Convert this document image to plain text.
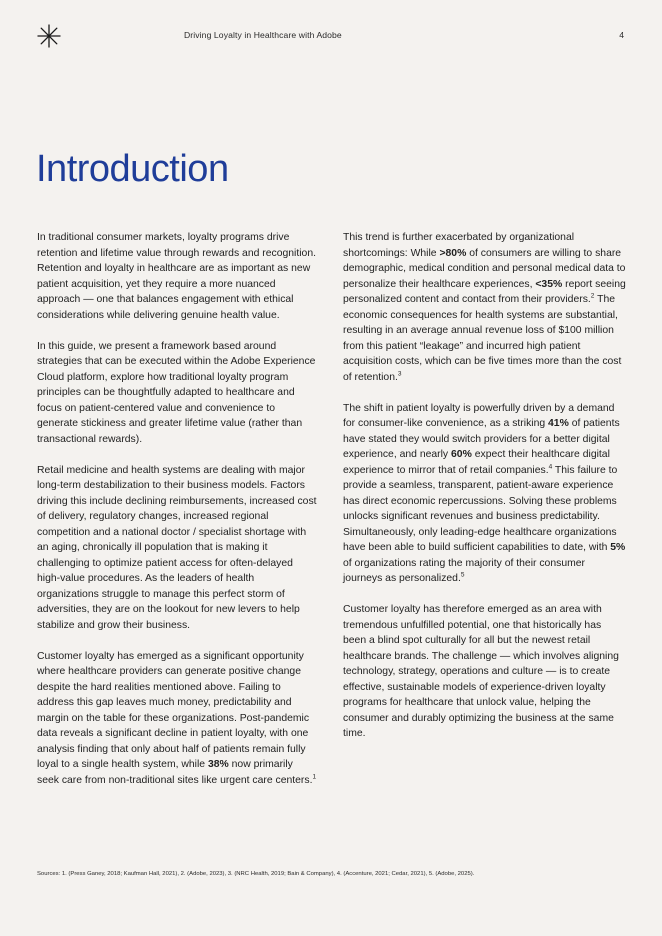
Driving Loyalty in Healthcare with Adobe	4
Introduction

In traditional consumer markets, loyalty programs drive retention and lifetime value through rewards and recognition. Retention and loyalty in healthcare are as important as new patient acquisition, yet they require a more nuanced approach — one that balances engagement with ethical considerations while delivering genuine health value.

In this guide, we present a framework based around strategies that can be executed within the Adobe Experience Cloud platform, explore how traditional loyalty program principles can be thoughtfully adapted to healthcare and focus on patient-centered value and convenience to generate stickiness and greater lifetime value (rather than transactional rewards).

Retail medicine and health systems are dealing with major long-term destabilization to their business models. Factors driving this include declining reimbursements, increased cost of delivery, regulatory changes, increased regional competition and a national doctor / specialist shortage with an aging, chronically ill population that is making it challenging to optimize patient access for often-delayed high-value procedures. As the leaders of health organizations struggle to manage this perfect storm of adversities, they are on the lookout for new levers to help stabilize and grow their business.

Customer loyalty has emerged as a significant opportunity where healthcare providers can generate positive change despite the hard realities mentioned above. Failing to address this gap leaves much money, predictability and margin on the table for these organizations. Post-pandemic data reveals a significant decline in patient loyalty, with one analysis finding that only about half of patients remain fully loyal to a single health system, while 38% now primarily seek care from non-traditional sites like urgent care centers.$^1$

This trend is further exacerbated by organizational shortcomings: While >80% of consumers are willing to share demographic, medical condition and personal medical data to personalize their healthcare experiences, <35% report seeing personalized content and contact from their providers.$^2$ The economic consequences for health systems are substantial, resulting in an average annual revenue loss of $100 million from this patient “leakage” and incurred high patient acquisition costs, which can be five times more than the cost of retention.$^3$

The shift in patient loyalty is powerfully driven by a demand for consumer-like convenience, as a striking 41% of patients have stated they would switch providers for a better digital experience, and nearly 60% expect their healthcare digital experience to mirror that of retail companies.$^4$ This failure to provide a seamless, transparent, patient-aware experience has direct economic repercussions. Solving these problems unlocks significant revenues and business predictability. Simultaneously, only leading-edge healthcare organizations have been able to build sufficient capabilities to date, with 5% of organizations rating the majority of their consumer journeys as personalized.$^5$

Customer loyalty has therefore emerged as an area with tremendous unfulfilled potential, one that historically has been a blind spot culturally for all but the newest retail healthcare brands. The challenge — which involves aligning technology, strategy, operations and culture — is to create effective, sustainable models of experience-driven loyalty programs for healthcare that unlock value, helping the consumer and durably optimizing the business at the same time.

Sources: 1. (Press Ganey, 2018; Kaufman Hall, 2021), 2. (Adobe, 2023), 3. (NRC Health, 2019; Bain & Company), 4. (Accenture, 2021; Cedar, 2021), 5. (Adobe, 2025).
